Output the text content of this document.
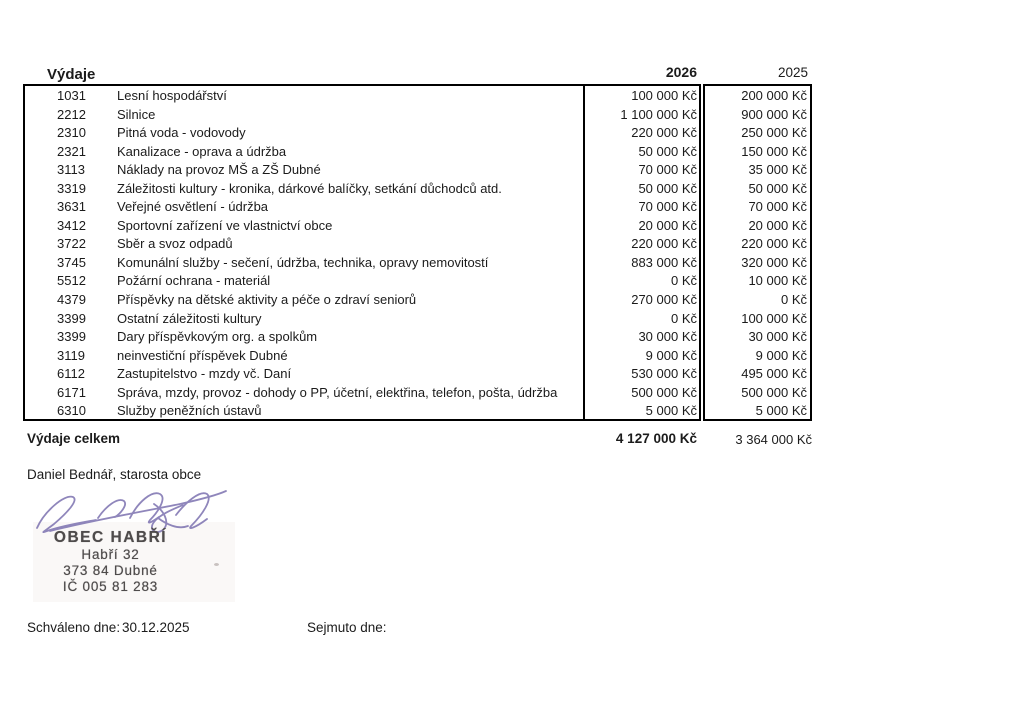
Výdaje	2026	2025
1031	Lesní hospodářství	100 000 Kč	200 000 Kč
2212	Silnice	1 100 000 Kč	900 000 Kč
2310	Pitná voda - vodovody	220 000 Kč	250 000 Kč
2321	Kanalizace - oprava a údržba	50 000 Kč	150 000 Kč
3113	Náklady na provoz MŠ a ZŠ Dubné	70 000 Kč	35 000 Kč
3319	Záležitosti kultury - kronika, dárkové balíčky, setkání důchodců atd.	50 000 Kč	50 000 Kč
3631	Veřejné osvětlení - údržba	70 000 Kč	70 000 Kč
3412	Sportovní zařízení ve vlastnictví obce	20 000 Kč	20 000 Kč
3722	Sběr a svoz odpadů	220 000 Kč	220 000 Kč
3745	Komunální služby - sečení, údržba, technika, opravy nemovitostí	883 000 Kč	320 000 Kč
5512	Požární ochrana - materiál	0 Kč	10 000 Kč
4379	Příspěvky na dětské aktivity a péče o zdraví seniorů	270 000 Kč	0 Kč
3399	Ostatní záležitosti kultury	0 Kč	100 000 Kč
3399	Dary příspěvkovým org. a spolkům	30 000 Kč	30 000 Kč
3119	neinvestiční příspěvek Dubné	9 000 Kč	9 000 Kč
6112	Zastupitelstvo - mzdy vč. Daní	530 000 Kč	495 000 Kč
6171	Správa, mzdy, provoz - dohody o PP, účetní, elektřina, telefon, pošta, údržba	500 000 Kč	500 000 Kč
6310	Služby peněžních ústavů	5 000 Kč	5 000 Kč
Výdaje celkem	4 127 000 Kč	3 364 000 Kč
Daniel Bednář, starosta obce
OBEC HABŘÍ
Habří 32
373 84 Dubné
IČ 005 81 283
Schváleno dne: 30.12.2025	Sejmuto dne:
